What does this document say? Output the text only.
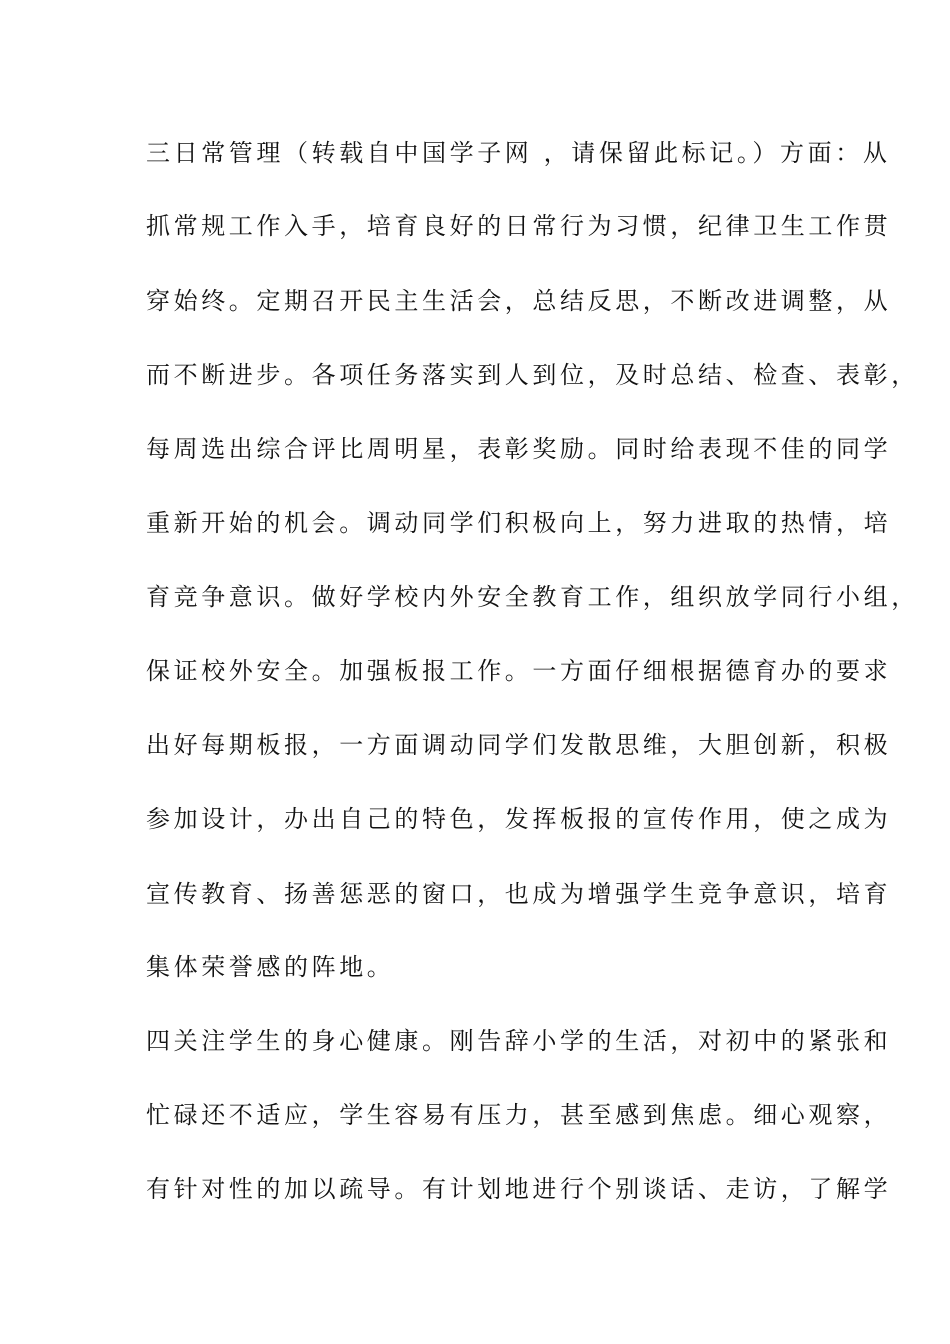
三日常管理（转载自中国学子网 ，请保留此标记。）方面：从
抓常规工作入手，培育良好的日常行为习惯，纪律卫生工作贯
穿始终。定期召开民主生活会，总结反思，不断改进调整，从
而不断进步。各项任务落实到人到位，及时总结、检查、表彰，
每周选出综合评比周明星，表彰奖励。同时给表现不佳的同学
重新开始的机会。调动同学们积极向上，努力进取的热情，培
育竞争意识。做好学校内外安全教育工作，组织放学同行小组，
保证校外安全。加强板报工作。一方面仔细根据德育办的要求
出好每期板报，一方面调动同学们发散思维，大胆创新，积极
参加设计，办出自己的特色，发挥板报的宣传作用，使之成为
宣传教育、扬善惩恶的窗口，也成为增强学生竞争意识，培育
集体荣誉感的阵地。
四关注学生的身心健康。刚告辞小学的生活，对初中的紧张和
忙碌还不适应，学生容易有压力，甚至感到焦虑。细心观察，
有针对性的加以疏导。有计划地进行个别谈话、走访，了解学
